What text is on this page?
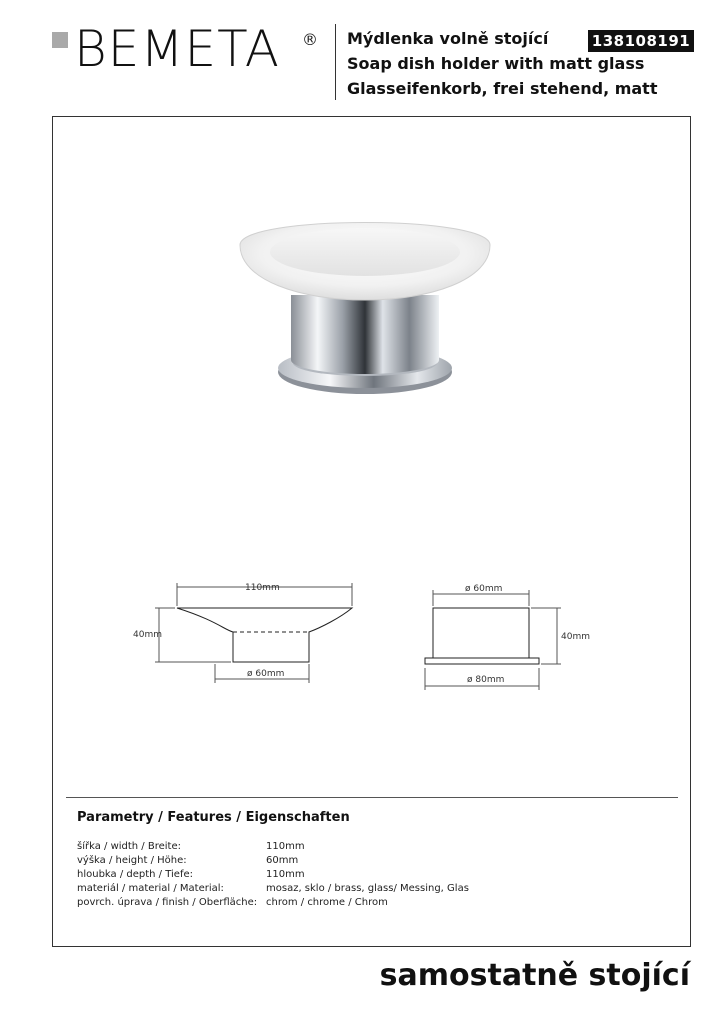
BEMETA ® Mýdlenka volně stojící
Soap dish holder with matt glass
Glasseifenkorb, frei stehend, matt
138108191
110mm
40mm
ø 60mm
ø 60mm
40mm
ø 80mm
Parametry / Features / Eigenschaften
šířka / width / Breite:	110mm
výška / height / Höhe:	60mm
hloubka / depth / Tiefe:	110mm
materiál / material / Material:	mosaz, sklo / brass, glass/ Messing, Glas
povrch. úprava / finish / Oberfläche: chrom / chrome / Chrom
samostatně stojící
